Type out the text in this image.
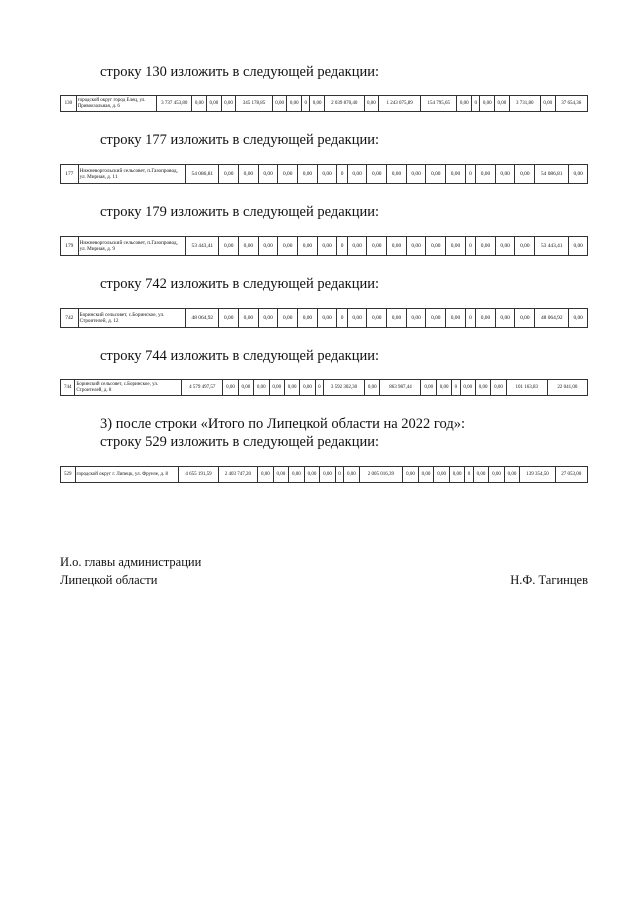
строку 130 изложить в следующей редакции:
130	городской округ город Елец, ул. Привокзальная, д. 6	3 737 453,80	0,00	0,00	0,00	345 178,85	0,00	0,00	0	0,00	2 039 870,40	0,00	1 243 075,89	154 795,65	0,00	0	0,00	0,00	3 731,80	0,00	37 654,36
строку 177 изложить в следующей редакции:
177	Нижневоргольский сельсовет, п.Газопровод, ул. Мирная, д. 11	54 086,81	0,00	0,00	0,00	0,00	0,00	0,00	0	0,00	0,00	0,00	0,00	0,00	0,00	0	0,00	0,00	0,00	54 086,81	0,00
строку 179 изложить в следующей редакции:
179	Нижневоргольский сельсовет, п.Газопровод, ул. Мирная, д. 9	53 443,41	0,00	0,00	0,00	0,00	0,00	0,00	0	0,00	0,00	0,00	0,00	0,00	0,00	0	0,00	0,00	0,00	53 443,41	0,00
строку 742 изложить в следующей редакции:
742	Боринский сельсовет, с.Боринское, ул. Строителей, д. 12	48 064,92	0,00	0,00	0,00	0,00	0,00	0,00	0	0,00	0,00	0,00	0,00	0,00	0,00	0	0,00	0,00	0,00	48 064,92	0,00
строку 744 изложить в следующей редакции:
744	Боринский сельсовет, с.Боринское, ул. Строителей, д. 8	4 579 497,57	0,00	0,00	0,00	0,00	0,00	0,00	0	3 592 302,30	0,00	863 987,44	0,00	0,00	0	0,00	0,00	0,00	101 163,83	22 041,00
3) после строки «Итого по Липецкой области на 2022 год»:
строку 529 изложить в следующей редакции:
529	городской округ г. Липецк, ул. Фрунзе, д. 8	4 655 191,59	2 403 747,20	0,00	0,00	0,00	0,00	0,00	0	0,00	2 005 016,39	0,00	0,00	0,00	0,00	0	0,00	0,00	0,00	139 354,50	27 053,00
И.о. главы администрации
Липецкой области	Н.Ф. Тагинцев
